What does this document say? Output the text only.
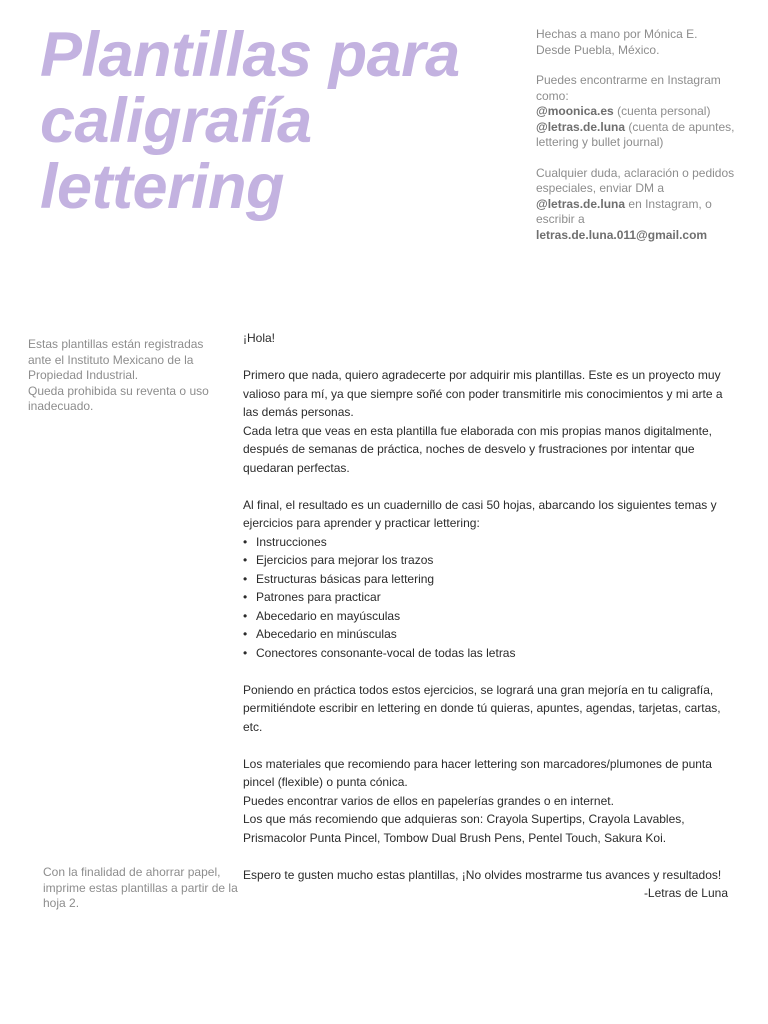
Plantillas para
caligrafía
lettering

Hechas a mano por Mónica E.
Desde Puebla, México.

Puedes encontrarme en Instagram como:
@moonica.es (cuenta personal)
@letras.de.luna (cuenta de apuntes, lettering y bullet journal)

Cualquier duda, aclaración o pedidos especiales, enviar DM a @letras.de.luna en Instagram, o escribir a
letras.de.luna.011@gmail.com

Estas plantillas están registradas ante el Instituto Mexicano de la Propiedad Industrial.
Queda prohibida su reventa o uso inadecuado.
Con la finalidad de ahorrar papel, imprime estas plantillas a partir de la hoja 2.

¡Hola!

Primero que nada, quiero agradecerte por adquirir mis plantillas. Este es un proyecto muy valioso para mí, ya que siempre soñé con poder transmitirle mis conocimientos y mi arte a las demás personas.

Cada letra que veas en esta plantilla fue elaborada con mis propias manos digitalmente, después de semanas de práctica, noches de desvelo y frustraciones por intentar que quedaran perfectas.

Al final, el resultado es un cuadernillo de casi 50 hojas, abarcando los siguientes temas y ejercicios para aprender y practicar lettering:

• Instrucciones
• Ejercicios para mejorar los trazos
• Estructuras básicas para lettering
• Patrones para practicar
• Abecedario en mayúsculas
• Abecedario en minúsculas
• Conectores consonante-vocal de todas las letras

Poniendo en práctica todos estos ejercicios, se logrará una gran mejoría en tu caligrafía, permitiéndote escribir en lettering en donde tú quieras, apuntes, agendas, tarjetas, cartas, etc.

Los materiales que recomiendo para hacer lettering son marcadores/plumones de punta pincel (flexible) o punta cónica.

Puedes encontrar varios de ellos en papelerías grandes o en internet.

Los que más recomiendo que adquieras son: Crayola Supertips, Crayola Lavables, Prismacolor Punta Pincel, Tombow Dual Brush Pens, Pentel Touch, Sakura Koi.

Espero te gusten mucho estas plantillas, ¡No olvides mostrarme tus avances y resultados!

-Letras de Luna
